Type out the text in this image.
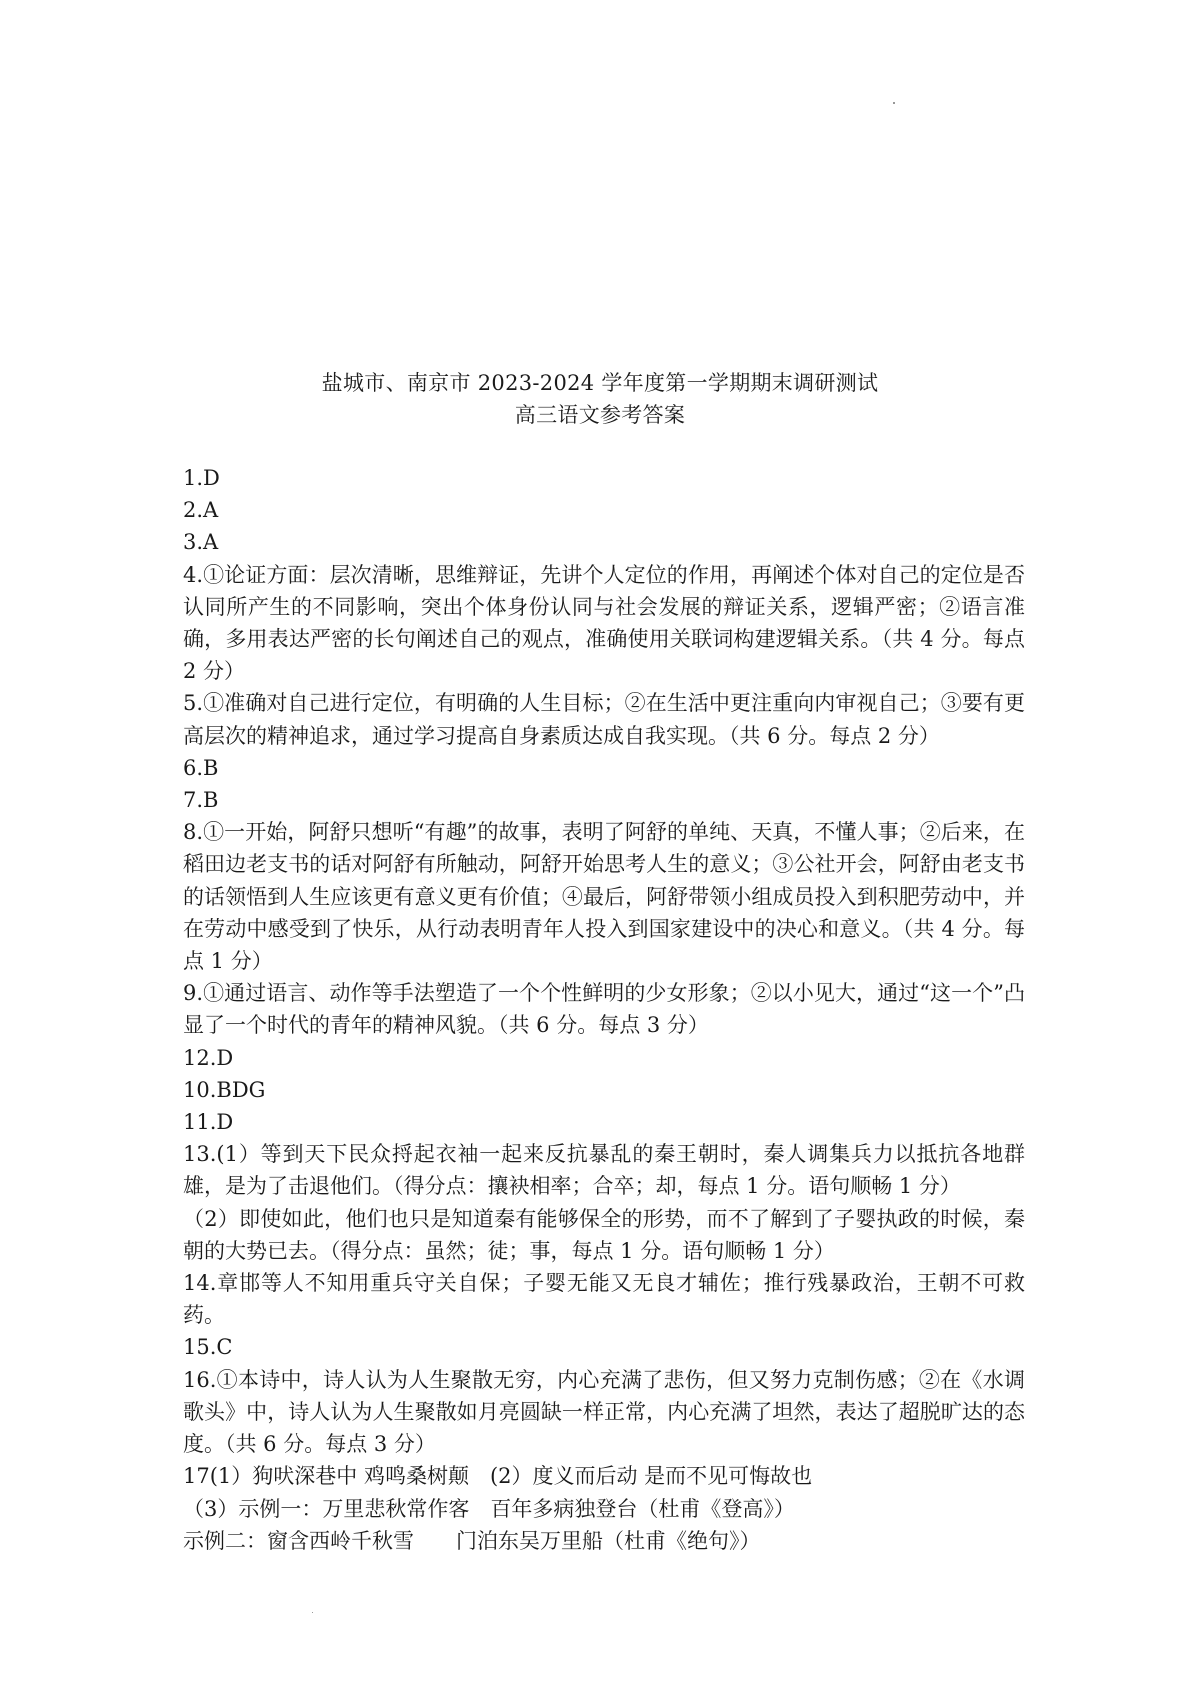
盐城市、南京市 2023-2024 学年度第一学期期末调研测试
高三语文参考答案

1.D

2.A

3.A

4.①论证方面：层次清晰，思维辩证，先讲个人定位的作用，再阐述个体对自己的定位是否认同所产生的不同影响，突出个体身份认同与社会发展的辩证关系，逻辑严密；②语言准确，多用表达严密的长句阐述自己的观点，准确使用关联词构建逻辑关系。（共 4 分。每点 2 分）

5.①准确对自己进行定位，有明确的人生目标；②在生活中更注重向内审视自己；③要有更高层次的精神追求，通过学习提高自身素质达成自我实现。（共 6 分。每点 2 分）

6.B

7.B

8.①一开始，阿舒只想听“有趣”的故事，表明了阿舒的单纯、天真，不懂人事；②后来，在稻田边老支书的话对阿舒有所触动，阿舒开始思考人生的意义；③公社开会，阿舒由老支书的话领悟到人生应该更有意义更有价值；④最后，阿舒带领小组成员投入到积肥劳动中，并在劳动中感受到了快乐，从行动表明青年人投入到国家建设中的决心和意义。（共 4 分。每点 1 分）

9.①通过语言、动作等手法塑造了一个个性鲜明的少女形象；②以小见大，通过“这一个”凸显了一个时代的青年的精神风貌。（共 6 分。每点 3 分）

12.D

10.BDG

11.D

13.(1）等到天下民众捋起衣袖一起来反抗暴乱的秦王朝时，秦人调集兵力以抵抗各地群雄，是为了击退他们。（得分点：攘袂相率；合卒；却，每点 1 分。语句顺畅 1 分）

（2）即使如此，他们也只是知道秦有能够保全的形势，而不了解到了子婴执政的时候，秦朝的大势已去。（得分点：虽然；徒；事，每点 1 分。语句顺畅 1 分）

14.章邯等人不知用重兵守关自保；子婴无能又无良才辅佐；推行残暴政治，王朝不可救药。

15.C

16.①本诗中，诗人认为人生聚散无穷，内心充满了悲伤，但又努力克制伤感；②在《水调歌头》中，诗人认为人生聚散如月亮圆缺一样正常，内心充满了坦然，表达了超脱旷达的态度。（共 6 分。每点 3 分）

17(1）狗吠深巷中 鸡鸣桑树颠　(2）度义而后动 是而不见可悔故也

（3）示例一：万里悲秋常作客　百年多病独登台（杜甫《登高》）

示例二：窗含西岭千秋雪　　门泊东吴万里船（杜甫《绝句》）
